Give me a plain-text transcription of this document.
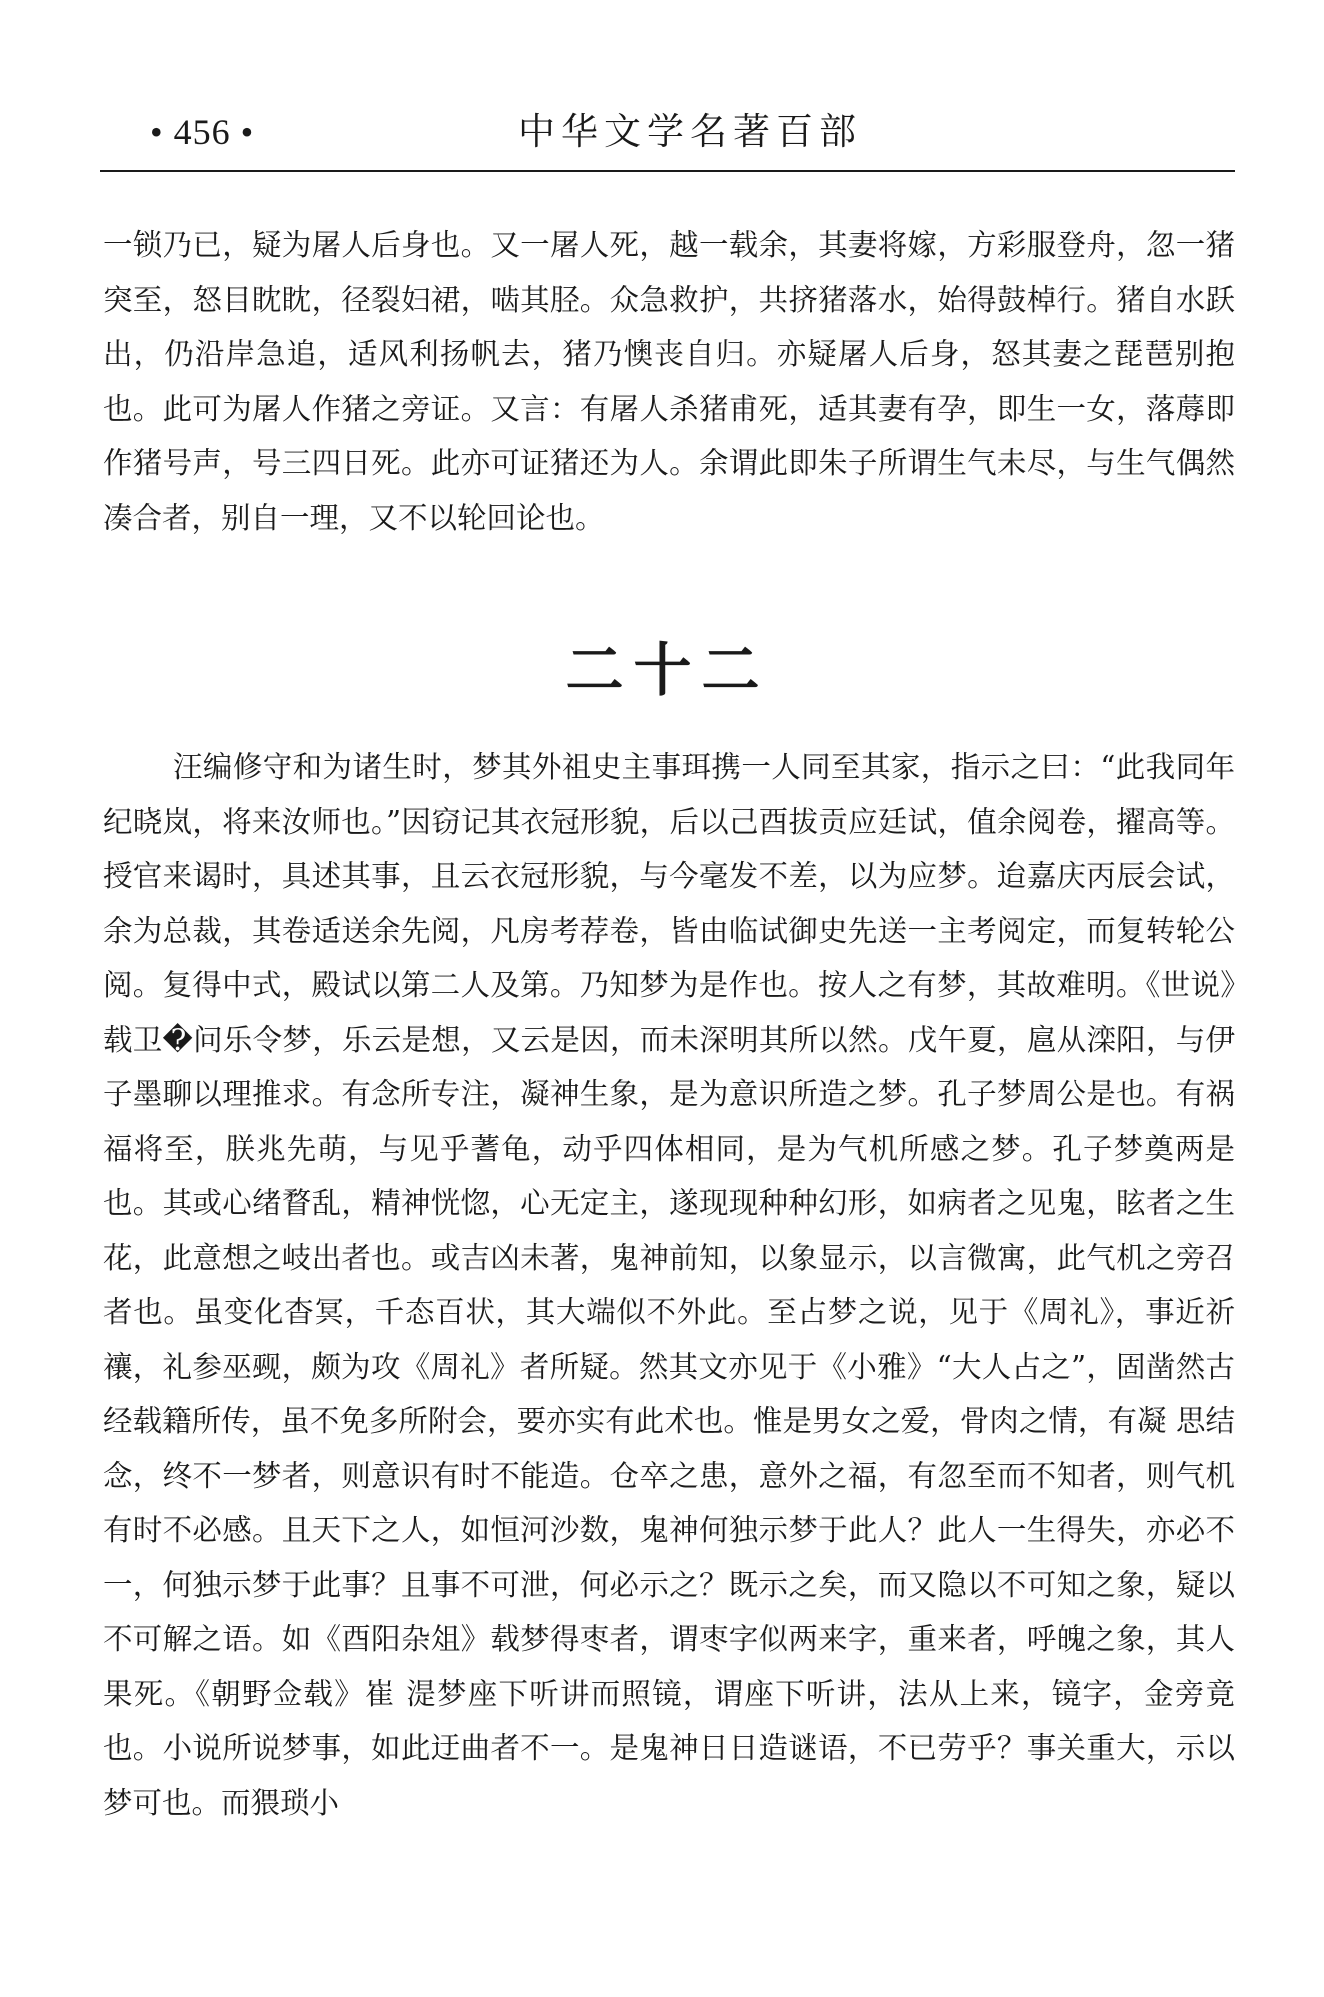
• 456 •	中华文学名著百部

一锁乃已，疑为屠人后身也。又一屠人死，越一载余，其妻将嫁，方彩服登舟，忽一猪突至，怒目眈眈，径裂妇裙，啮其胫。众急救护，共挤猪落水，始得鼓棹行。猪自水跃出，仍沿岸急追，适风利扬帆去，猪乃懊丧自归。亦疑屠人后身，怒其妻之琵琶别抱也。此可为屠人作猪之旁证。又言：有屠人杀猪甫死，适其妻有孕，即生一女，落蓐即作猪号声，号三四日死。此亦可证猪还为人。余谓此即朱子所谓生气未尽，与生气偶然凑合者，别自一理，又不以轮回论也。

二十二

汪编修守和为诸生时，梦其外祖史主事珥携一人同至其家，指示之曰：“此我同年纪晓岚，将来汝师也。”因窃记其衣冠形貌，后以己酉拔贡应廷试，值余阅卷，擢高等。授官来谒时，具述其事，且云衣冠形貌，与今毫发不差，以为应梦。迨嘉庆丙辰会试，余为总裁，其卷适送余先阅，凡房考荐卷，皆由临试御史先送一主考阅定，而复转轮公阅。复得中式，殿试以第二人及第。乃知梦为是作也。按人之有梦，其故难明。《世说》载卫�问乐令梦，乐云是想，又云是因，而未深明其所以然。戊午夏，扈从滦阳，与伊子墨聊以理推求。有念所专注，凝神生象，是为意识所造之梦。孔子梦周公是也。有祸福将至，朕兆先萌，与见乎蓍龟，动乎四体相同，是为气机所感之梦。孔子梦奠两是也。其或心绪瞀乱，精神恍惚，心无定主，遂现现种种幻形，如病者之见鬼，眩者之生花，此意想之岐出者也。或吉凶未著，鬼神前知，以象显示，以言微寓，此气机之旁召者也。虽变化杳冥，千态百状，其大端似不外此。至占梦之说，见于《周礼》，事近祈禳，礼参巫觋，颇为攻《周礼》者所疑。然其文亦见于《小雅》“大人占之”，固凿然古经载籍所传，虽不免多所附会，要亦实有此术也。惟是男女之爱，骨肉之情，有凝 思结念，终不一梦者，则意识有时不能造。仓卒之患，意外之福，有忽至而不知者，则气机有时不必感。且天下之人，如恒河沙数，鬼神何独示梦于此人？此人一生得失，亦必不一，何独示梦于此事？且事不可泄，何必示之？既示之矣，而又隐以不可知之象，疑以不可解之语。如《酉阳杂俎》载梦得枣者，谓枣字似两来字，重来者，呼魄之象，其人果死。《朝野佥载》崔 湜梦座下听讲而照镜，谓座下听讲，法从上来，镜字，金旁竟也。小说所说梦事，如此迂曲者不一。是鬼神日日造谜语，不已劳乎？事关重大，示以梦可也。而猥琐小
